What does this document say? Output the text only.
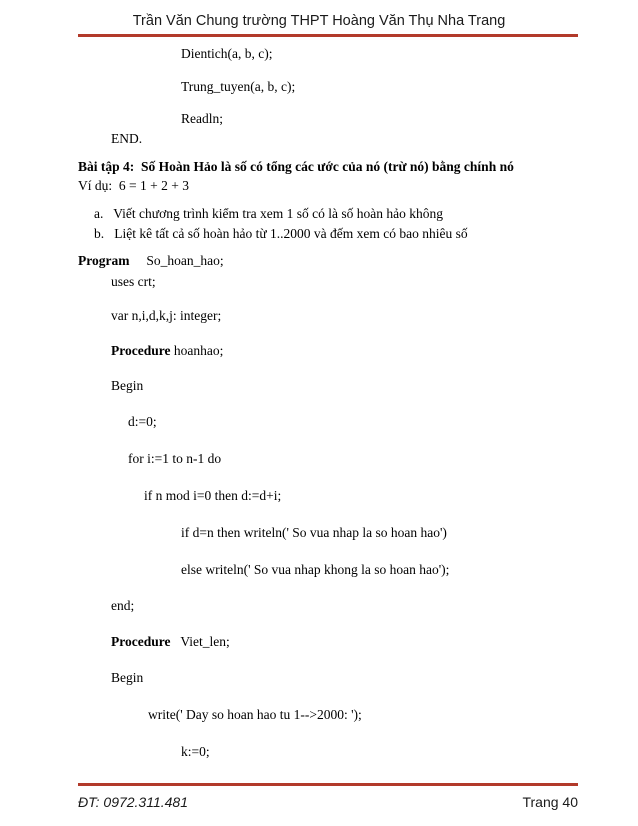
Trần Văn Chung trường THPT Hoàng Văn Thụ Nha Trang
Dientich(a, b, c);
Trung_tuyen(a, b, c);
Readln;
END.
Bài tập 4:  Số Hoàn Hảo là số có tổng các ước của nó (trừ nó) bằng chính nó
Ví dụ:  6 = 1 + 2 + 3
a.   Viết chương trình kiểm tra xem 1 số có là số hoàn hảo không
b.   Liệt kê tất cả số hoàn hảo từ 1..2000 và đếm xem có bao nhiêu số
Program     So_hoan_hao;
uses crt;
var n,i,d,k,j: integer;
Procedure hoanhao;
Begin
d:=0;
for i:=1 to n-1 do
if n mod i=0 then d:=d+i;
if d=n then writeln(' So vua nhap la so hoan hao')
else writeln(' So vua nhap khong la so hoan hao');
end;
Procedure   Viet_len;
Begin
write(' Day so hoan hao tu 1-->2000: ');
k:=0;
ĐT: 0972.311.481	Trang 40
